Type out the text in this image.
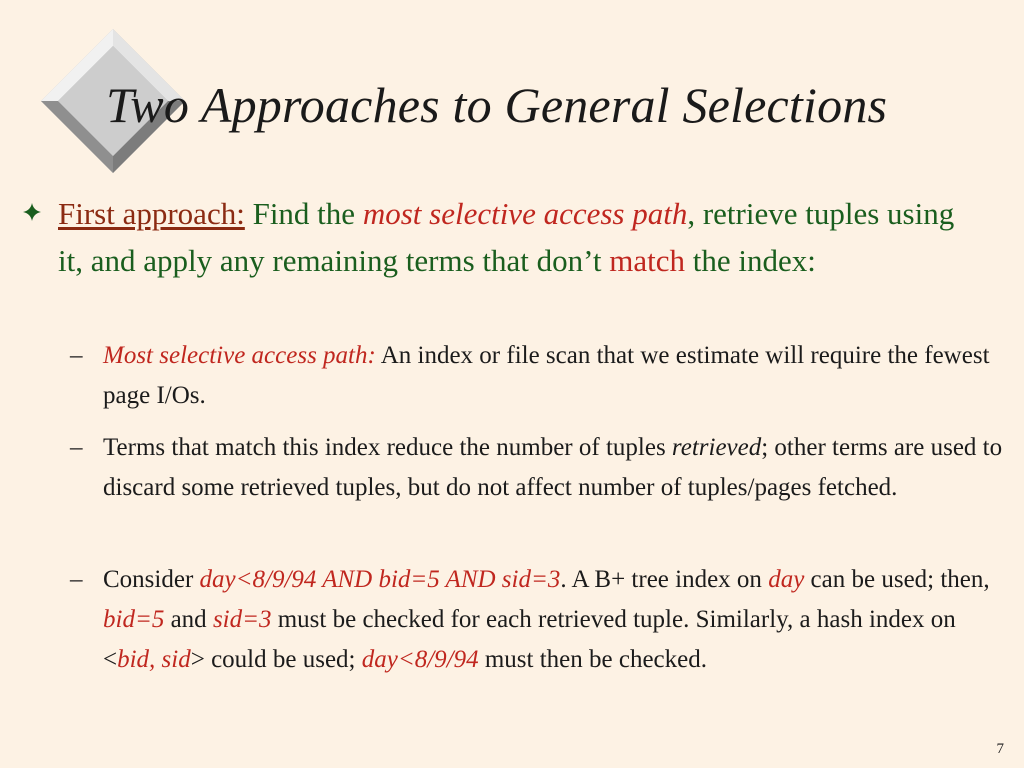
Two Approaches to General Selections
First approach: Find the most selective access path, retrieve tuples using it, and apply any remaining terms that don’t match the index:
– Most selective access path: An index or file scan that we estimate will require the fewest page I/Os.
– Terms that match this index reduce the number of tuples retrieved; other terms are used to discard some retrieved tuples, but do not affect number of tuples/pages fetched.
– Consider day<8/9/94 AND bid=5 AND sid=3. A B+ tree index on day can be used; then, bid=5 and sid=3 must be checked for each retrieved tuple. Similarly, a hash index on <bid, sid> could be used; day<8/9/94 must then be checked.
7
